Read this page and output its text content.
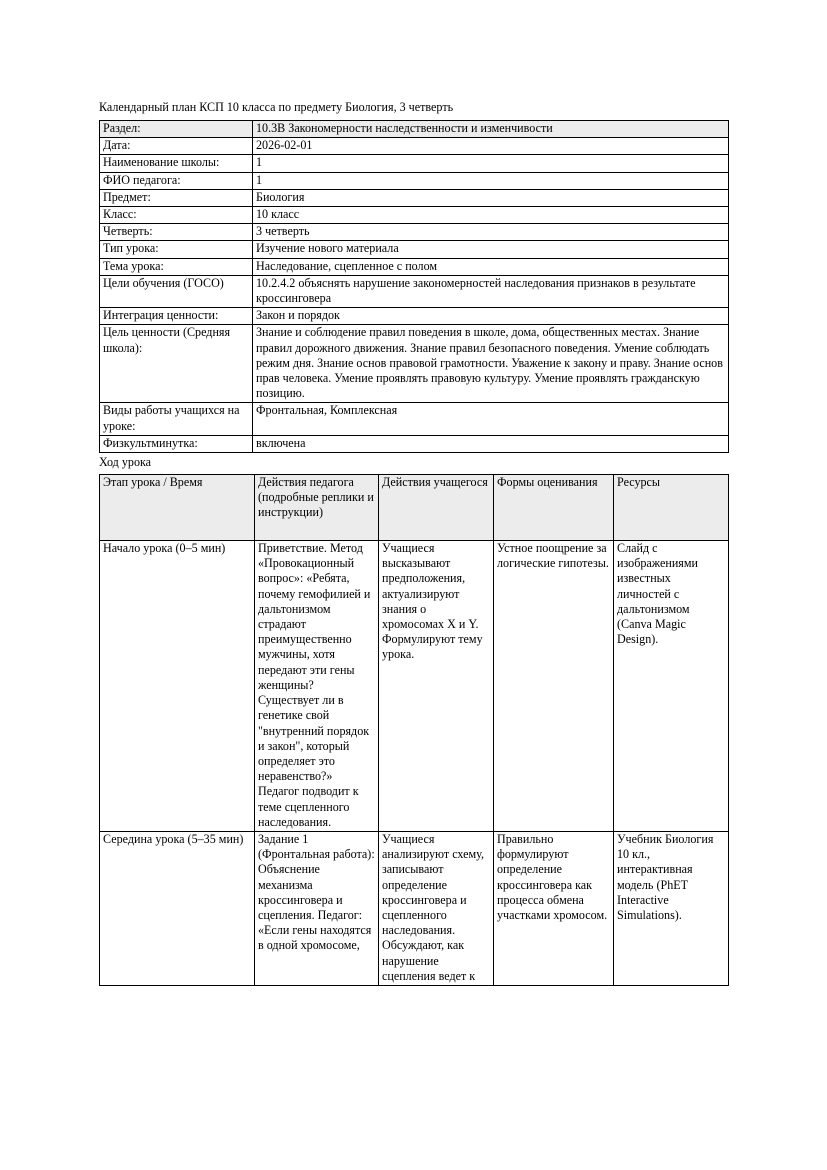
Календарный план КСП 10 класса по предмету Биология, 3 четверть
Раздел:	10.3B Закономерности наследственности и изменчивости
Дата:	2026-02-01
Наименование школы:	1
ФИО педагога:	1
Предмет:	Биология
Класс:	10 класс
Четверть:	3 четверть
Тип урока:	Изучение нового материала
Тема урока:	Наследование, сцепленное с полом
Цели обучения (ГОСО)	10.2.4.2 объяснять нарушение закономерностей наследования признаков в результате кроссинговера
Интеграция ценности:	Закон и порядок
Цель ценности (Средняя школа):	Знание и соблюдение правил поведения в школе, дома, общественных местах. Знание правил дорожного движения. Знание правил безопасного поведения. Умение соблюдать режим дня. Знание основ правовой грамотности. Уважение к закону и праву. Знание основ прав человека. Умение проявлять правовую культуру. Умение проявлять гражданскую позицию.
Виды работы учащихся на уроке:	Фронтальная, Комплексная
Физкультминутка:	включена
Ход урока
Этап урока / Время	Действия педагога (подробные реплики и инструкции)	Действия учащегося	Формы оценивания	Ресурсы
Начало урока (0–5 мин)	Приветствие. Метод «Провокационный вопрос»: «Ребята, почему гемофилией и дальтонизмом страдают преимущественно мужчины, хотя передают эти гены женщины? Существует ли в генетике свой "внутренний порядок и закон", который определяет это неравенство?» Педагог подводит к теме сцепленного наследования.	Учащиеся высказывают предположения, актуализируют знания о хромосомах X и Y. Формулируют тему урока.	Устное поощрение за логические гипотезы.	Слайд с изображениями известных личностей с дальтонизмом (Canva Magic Design).
Середина урока (5–35 мин)	Задание 1 (Фронтальная работа): Объяснение механизма кроссинговера и сцепления. Педагог: «Если гены находятся в одной хромосоме,	Учащиеся анализируют схему, записывают определение кроссинговера и сцепленного наследования. Обсуждают, как нарушение сцепления ведет к	Правильно формулируют определение кроссинговера как процесса обмена участками хромосом.	Учебник Биология 10 кл., интерактивная модель (PhET Interactive Simulations).
